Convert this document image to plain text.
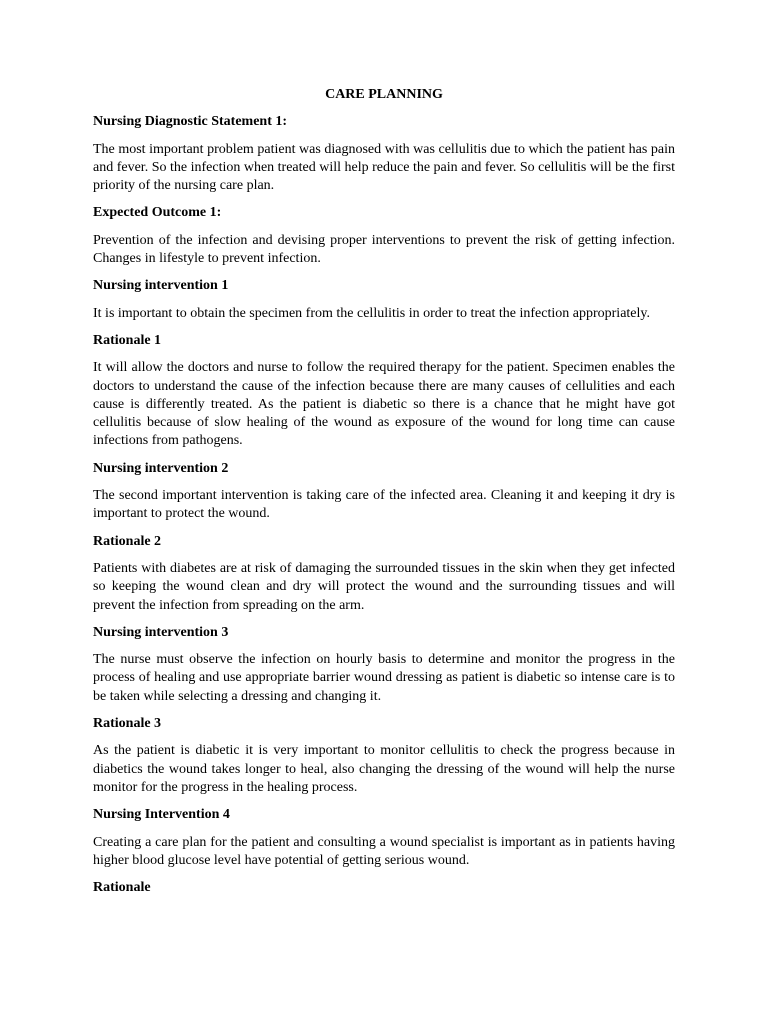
CARE PLANNING
Nursing Diagnostic Statement 1:
The most important problem patient was diagnosed with was cellulitis due to which the patient has pain and fever. So the infection when treated will help reduce the pain and fever. So cellulitis will be the first priority of the nursing care plan.
Expected Outcome 1:
Prevention of the infection and devising proper interventions to prevent the risk of getting infection. Changes in lifestyle to prevent infection.
Nursing intervention 1
It is important to obtain the specimen from the cellulitis in order to treat the infection appropriately.
Rationale 1
It will allow the doctors and nurse to follow the required therapy for the patient. Specimen enables the doctors to understand the cause of the infection because there are many causes of cellulities and each cause is differently treated. As the patient is diabetic so there is a chance that he might have got cellulitis because of slow healing of the wound as exposure of the wound for long time can cause infections from pathogens.
Nursing intervention 2
The second important intervention is taking care of the infected area. Cleaning it and keeping it dry is important to protect the wound.
Rationale 2
Patients with diabetes are at risk of damaging the surrounded tissues in the skin when they get infected so keeping the wound clean and dry will protect the wound and the surrounding tissues and will prevent the infection from spreading on the arm.
Nursing intervention 3
The nurse must observe the infection on hourly basis to determine and monitor the progress in the process of healing and use appropriate barrier wound dressing as patient is diabetic so intense care is to be taken while selecting a dressing and changing it.
Rationale 3
As the patient is diabetic it is very important to monitor cellulitis to check the progress because in diabetics the wound takes longer to heal, also changing the dressing of the wound will help the nurse monitor for the progress in the healing process.
Nursing Intervention 4
Creating a care plan for the patient and consulting a wound specialist is important as in patients having higher blood glucose level have potential of getting serious wound.
Rationale
